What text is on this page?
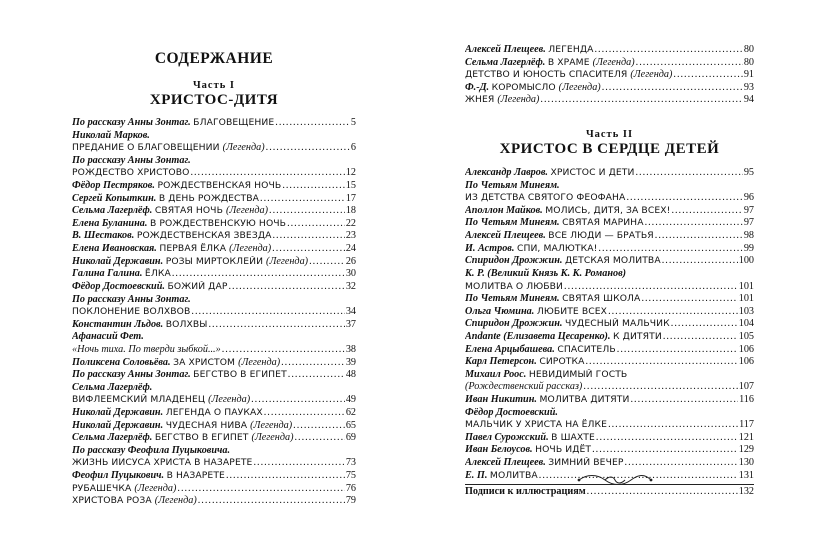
СОДЕРЖАНИЕ
Часть I
ХРИСТОС-ДИТЯ
По рассказу Анны Зонтаг. БЛАГОВЕЩЕНИЕ .....	5
Николай Марков.
ПРЕДАНИЕ О БЛАГОВЕЩЕНИИ (Легенда) .....	6
По рассказу Анны Зонтаг.
РОЖДЕСТВО ХРИСТОВО .....	12
Фёдор Пестряков. РОЖДЕСТВЕНСКАЯ НОЧЬ .....	15
Сергей Копыткин. В ДЕНЬ РОЖДЕСТВА .....	17
Сельма Лагерлёф. СВЯТАЯ НОЧЬ (Легенда) .....	18
Елена Буланина. В РОЖДЕСТВЕНСКУЮ НОЧЬ .....	22
В. Шестаков. РОЖДЕСТВЕНСКАЯ ЗВЕЗДА .....	23
Елена Ивановская. ПЕРВАЯ ЁЛКА (Легенда) .....	24
Николай Державин. РОЗЫ МИРТОКЛЕЙИ (Легенда) .....	26
Галина Галина. ЁЛКА .....	30
Фёдор Достоевский. БОЖИЙ ДАР .....	32
По рассказу Анны Зонтаг.
ПОКЛОНЕНИЕ ВОЛХВОВ .....	34
Константин Льдов. ВОЛХВЫ .....	37
Афанасий Фет.
«Ночь тиха. По тверди зыбкой...» .....	38
Поликсена Соловьёва. ЗА ХРИСТОМ (Легенда) .....	39
По рассказу Анны Зонтаг. БЕГСТВО В ЕГИПЕТ .....	48
Сельма Лагерлёф.
ВИФЛЕЕМСКИЙ МЛАДЕНЕЦ (Легенда) .....	49
Николай Державин. ЛЕГЕНДА О ПАУКАХ .....	62
Николай Державин. ЧУДЕСНАЯ НИВА (Легенда) .....	65
Сельма Лагерлёф. БЕГСТВО В ЕГИПЕТ (Легенда) .....	69
По рассказу Феофила Пуцыковича.
ЖИЗНЬ ИИСУСА ХРИСТА В НАЗАРЕТЕ .....	73
Феофил Пуцыкович. В НАЗАРЕТЕ .....	75
РУБАШЕЧКА (Легенда) .....	76
ХРИСТОВА РОЗА (Легенда) .....	79
Алексей Плещеев. ЛЕГЕНДА .....	80
Сельма Лагерлёф. В ХРАМЕ (Легенда) .....	80
ДЕТСТВО И ЮНОСТЬ СПАСИТЕЛЯ (Легенда) .....	91
Ф.-Д. КОРОМЫСЛО (Легенда) .....	93
ЖНЕЯ (Легенда) .....	94
Часть II
ХРИСТОС В СЕРДЦЕ ДЕТЕЙ
Александр Лавров. ХРИСТОС И ДЕТИ .....	95
По Четьям Минеям.
ИЗ ДЕТСТВА СВЯТОГО ФЕОФАНА .....	96
Аполлон Майков. МОЛИСЬ, ДИТЯ, ЗА ВСЕХ! .....	97
По Четьям Минеям. СВЯТАЯ МАРИНА .....	97
Алексей Плещеев. ВСЕ ЛЮДИ — БРАТЬЯ .....	98
И. Астров. СПИ, МАЛЮТКА! .....	99
Спиридон Дрожжин. ДЕТСКАЯ МОЛИТВА .....	100
К. Р. (Великий Князь К. К. Романов)
МОЛИТВА О ЛЮБВИ .....	101
По Четьям Минеям. СВЯТАЯ ШКОЛА .....	101
Ольга Чюмина. ЛЮБИТЕ ВСЕХ .....	103
Спиридон Дрожжин. ЧУДЕСНЫЙ МАЛЬЧИК .....	104
Andante (Елизавета Цесаренко). К ДИТЯТИ .....	105
Елена Арцыбашева. СПАСИТЕЛЬ .....	106
Карл Петерсон. СИРОТКА .....	106
Михаил Роос. НЕВИДИМЫЙ ГОСТЬ
(Рождественский рассказ) .....	107
Иван Никитин. МОЛИТВА ДИТЯТИ .....	116
Фёдор Достоевский.
МАЛЬЧИК У ХРИСТА НА ЁЛКЕ .....	117
Павел Сурожский. В ШАХТЕ .....	121
Иван Белоусов. НОЧЬ ИДЁТ .....	129
Алексей Плещеев. ЗИМНИЙ ВЕЧЕР .....	130
Е. П. МОЛИТВА .....	131
Подписи к иллюстрациям .....	132
